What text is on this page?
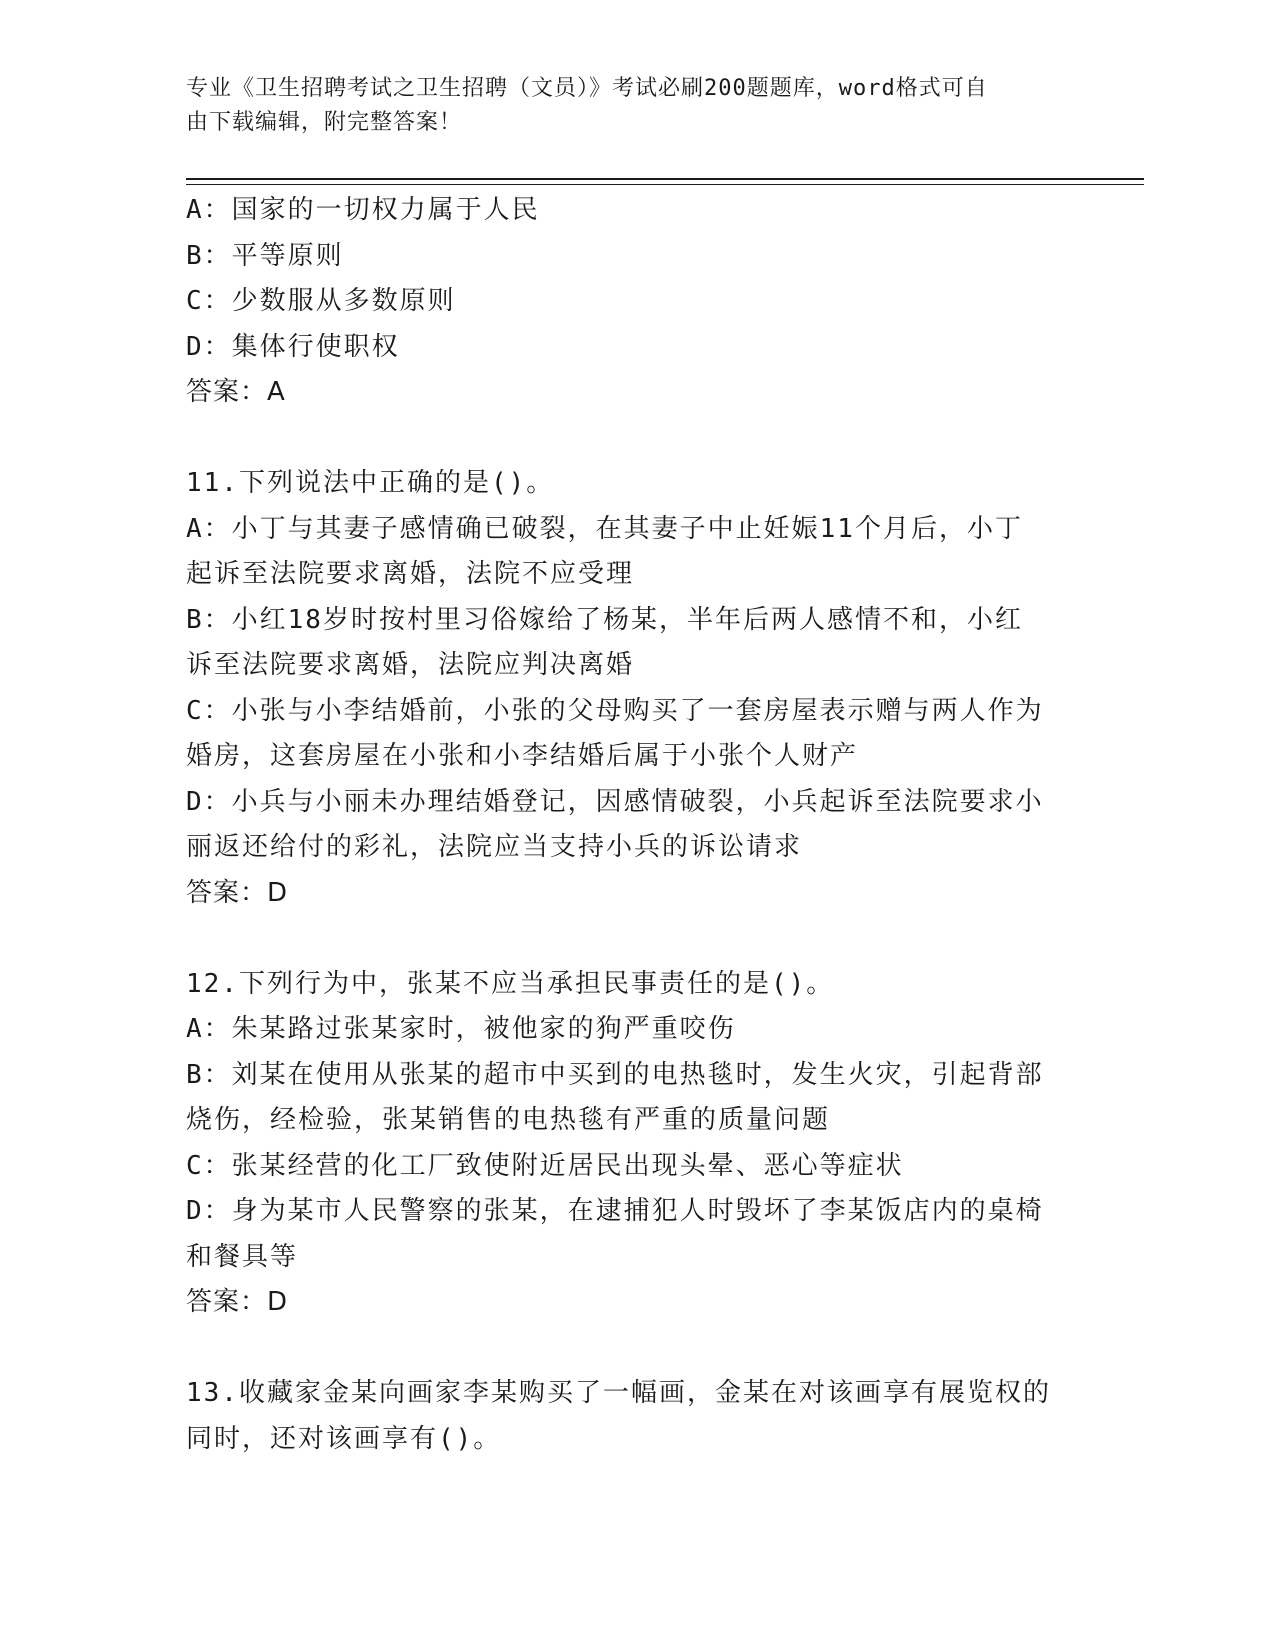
专业《卫生招聘考试之卫生招聘（文员）》考试必刷200题题库，word格式可自
由下载编辑，附完整答案！
A：国家的一切权力属于人民
B：平等原则
C：少数服从多数原则
D：集体行使职权
答案：A
11.下列说法中正确的是()。
A：小丁与其妻子感情确已破裂，在其妻子中止妊娠11个月后，小丁
起诉至法院要求离婚，法院不应受理
B：小红18岁时按村里习俗嫁给了杨某，半年后两人感情不和，小红
诉至法院要求离婚，法院应判决离婚
C：小张与小李结婚前，小张的父母购买了一套房屋表示赠与两人作为
婚房，这套房屋在小张和小李结婚后属于小张个人财产
D：小兵与小丽未办理结婚登记，因感情破裂，小兵起诉至法院要求小
丽返还给付的彩礼，法院应当支持小兵的诉讼请求
答案：D
12.下列行为中，张某不应当承担民事责任的是()。
A：朱某路过张某家时，被他家的狗严重咬伤
B：刘某在使用从张某的超市中买到的电热毯时，发生火灾，引起背部
烧伤，经检验，张某销售的电热毯有严重的质量问题
C：张某经营的化工厂致使附近居民出现头晕、恶心等症状
D：身为某市人民警察的张某，在逮捕犯人时毁坏了李某饭店内的桌椅
和餐具等
答案：D
13.收藏家金某向画家李某购买了一幅画，金某在对该画享有展览权的
同时，还对该画享有()。
